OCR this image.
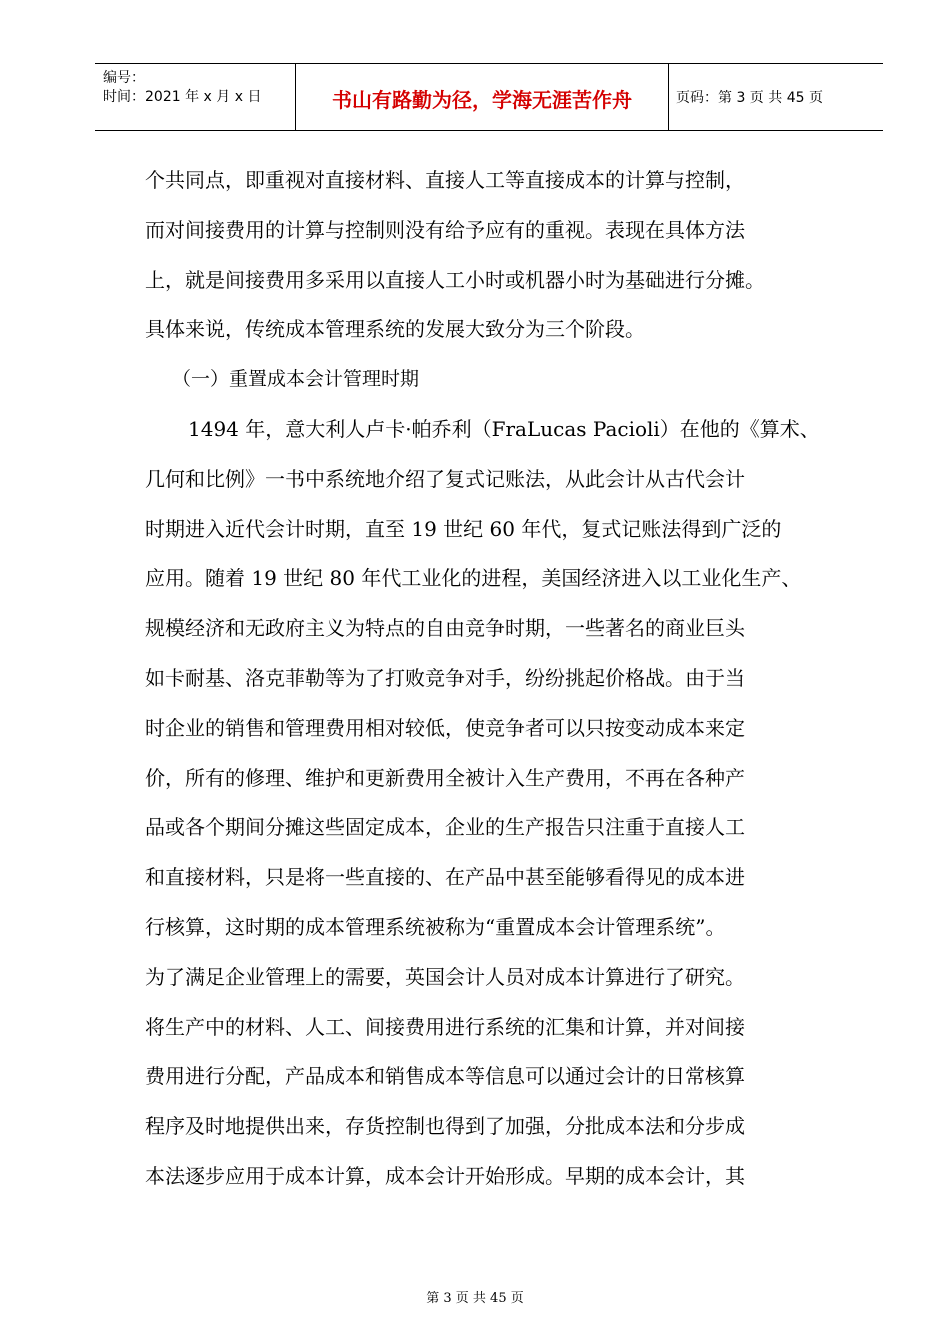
编号：
时间：2021 年 x 月 x 日	书山有路勤为径，学海无涯苦作舟	页码：第 3 页 共 45 页
个共同点，即重视对直接材料、直接人工等直接成本的计算与控制，
而对间接费用的计算与控制则没有给予应有的重视。表现在具体方法
上，就是间接费用多采用以直接人工小时或机器小时为基础进行分摊。
具体来说，传统成本管理系统的发展大致分为三个阶段。
（一）重置成本会计管理时期
1494 年，意大利人卢卡·帕乔利（FraLucas Pacioli）在他的《算术、
几何和比例》一书中系统地介绍了复式记账法，从此会计从古代会计
时期进入近代会计时期，直至 19 世纪 60 年代，复式记账法得到广泛的
应用。随着 19 世纪 80 年代工业化的进程，美国经济进入以工业化生产、
规模经济和无政府主义为特点的自由竞争时期，一些著名的商业巨头
如卡耐基、洛克菲勒等为了打败竞争对手，纷纷挑起价格战。由于当
时企业的销售和管理费用相对较低，使竞争者可以只按变动成本来定
价，所有的修理、维护和更新费用全被计入生产费用，不再在各种产
品或各个期间分摊这些固定成本，企业的生产报告只注重于直接人工
和直接材料，只是将一些直接的、在产品中甚至能够看得见的成本进
行核算，这时期的成本管理系统被称为“重置成本会计管理系统”。
为了满足企业管理上的需要，英国会计人员对成本计算进行了研究。
将生产中的材料、人工、间接费用进行系统的汇集和计算，并对间接
费用进行分配，产品成本和销售成本等信息可以通过会计的日常核算
程序及时地提供出来，存货控制也得到了加强，分批成本法和分步成
本法逐步应用于成本计算，成本会计开始形成。早期的成本会计，其
第 3 页 共 45 页
